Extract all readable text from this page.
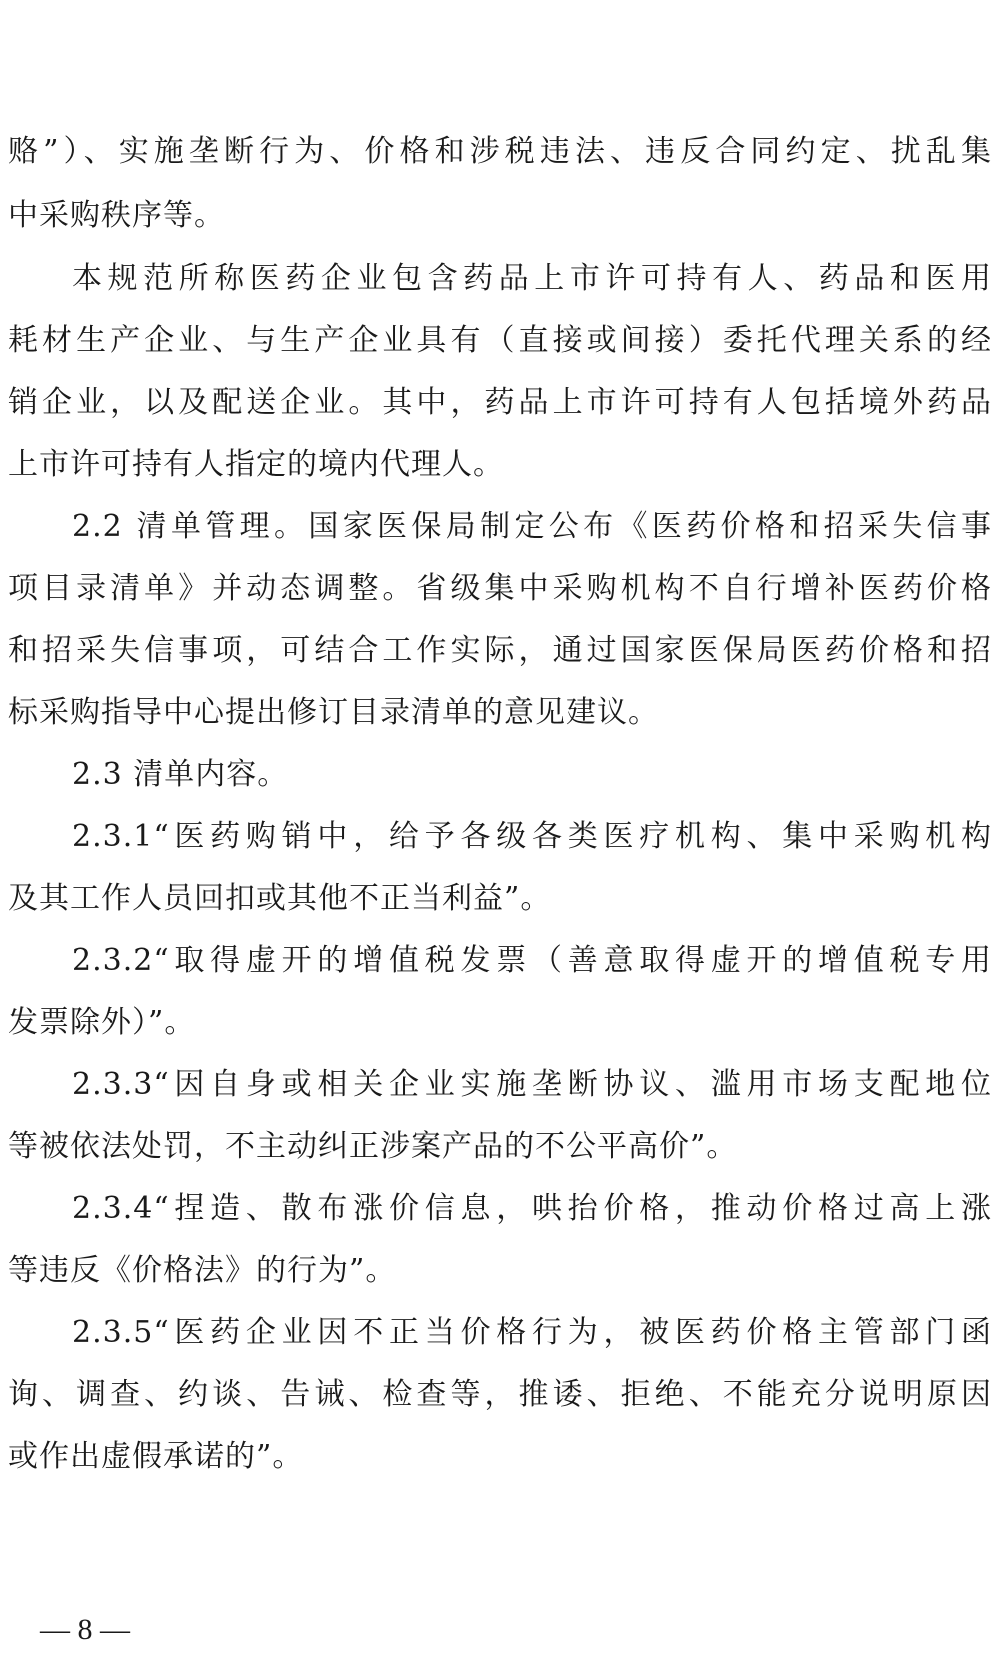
赂”）、实施垄断行为、价格和涉税违法、违反合同约定、扰乱集
中采购秩序等。
本规范所称医药企业包含药品上市许可持有人、药品和医用
耗材生产企业、与生产企业具有（直接或间接）委托代理关系的经
销企业，以及配送企业。其中，药品上市许可持有人包括境外药品
上市许可持有人指定的境内代理人。
2.2 清单管理。国家医保局制定公布《医药价格和招采失信事
项目录清单》并动态调整。省级集中采购机构不自行增补医药价格
和招采失信事项，可结合工作实际，通过国家医保局医药价格和招
标采购指导中心提出修订目录清单的意见建议。
2.3 清单内容。
2.3.1“医药购销中，给予各级各类医疗机构、集中采购机构
及其工作人员回扣或其他不正当利益”。
2.3.2“取得虚开的增值税发票（善意取得虚开的增值税专用
发票除外）”。
2.3.3“因自身或相关企业实施垄断协议、滥用市场支配地位
等被依法处罚，不主动纠正涉案产品的不公平高价”。
2.3.4“捏造、散布涨价信息，哄抬价格，推动价格过高上涨
等违反《价格法》的行为”。
2.3.5“医药企业因不正当价格行为，被医药价格主管部门函
询、调查、约谈、告诫、检查等，推诿、拒绝、不能充分说明原因
或作出虚假承诺的”。
— 8 —
